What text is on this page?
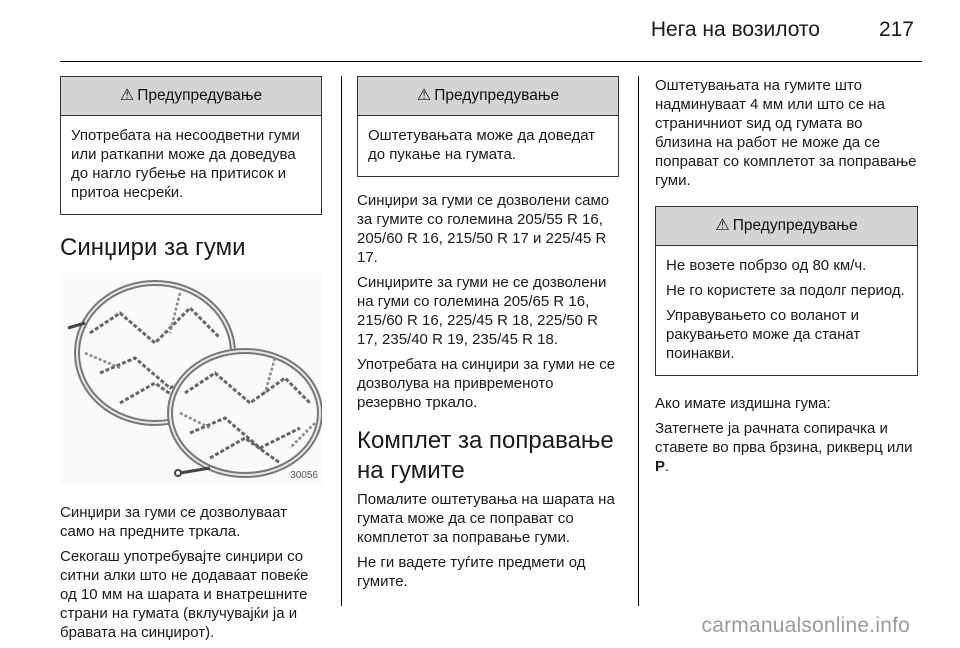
Нега на возилото	217
⚠ Предупредување

Употребата на несоодветни гуми или раткапни може да доведува до нагло губење на притисок и притоа несреќи.

Синџири за гуми
30056

Синџири за гуми се дозволуваат само на предните тркала.

Секогаш употребувајте синџири со ситни алки што не додаваат повеќе од 10 мм на шарата и внатрешните страни на гумата (вклучувајќи ја и бравата на синџирот).

⚠ Предупредување

Оштетувањата може да доведат до пукање на гумата.

Синџири за гуми се дозволени само за гумите со големина 205/55 R 16, 205/60 R 16, 215/50 R 17 и 225/45 R 17.

Синџирите за гуми не се дозволени на гуми со големина 205/65 R 16, 215/60 R 16, 225/45 R 18, 225/50 R 17, 235/40 R 19, 235/45 R 18.

Употребата на синџири за гуми не се дозволува на привременото резервно тркало.

Комплет за поправање на гумите

Помалите оштетувања на шарата на гумата може да се поправат со комплетот за поправање гуми.

Не ги вадете туѓите предмети од гумите.

Оштетувањата на гумите што надминуваат 4 мм или што се на страничниот ѕид од гумата во близина на работ не може да се поправат со комплетот за поправање гуми.

⚠ Предупредување

Не возете побрзо од 80 км/ч.

Не го користете за подолг период.

Управувањето со воланот и ракувањето може да станат поинакви.

Ако имате издишна гума:

Затегнете ја рачната сопирачка и ставете во прва брзина, рикверц или P.

carmanualsonline.info
